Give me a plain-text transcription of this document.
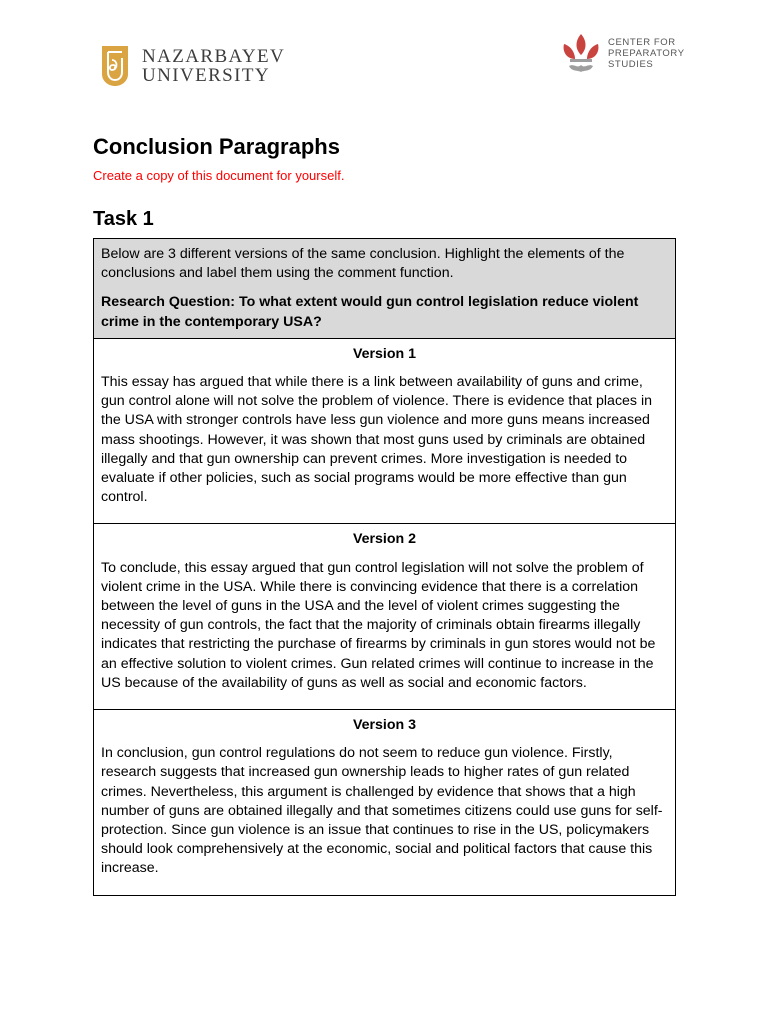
NAZARBAYEV
UNIVERSITY
CENTER FOR
PREPARATORY
STUDIES
Conclusion Paragraphs
Create a copy of this document for yourself.
Task 1

Below are 3 different versions of the same conclusion. Highlight the elements of the conclusions and label them using the comment function.

Research Question: To what extent would gun control legislation reduce violent crime in the contemporary USA?

Version 1

This essay has argued that while there is a link between availability of guns and crime, gun control alone will not solve the problem of violence. There is evidence that places in the USA with stronger controls have less gun violence and more guns means increased mass shootings. However, it was shown that most guns used by criminals are obtained illegally and that gun ownership can prevent crimes. More investigation is needed to evaluate if other policies, such as social programs would be more effective than gun control.

Version 2

To conclude, this essay argued that gun control legislation will not solve the problem of violent crime in the USA. While there is convincing evidence that there is a correlation between the level of guns in the USA and the level of violent crimes suggesting the necessity of gun controls, the fact that the majority of criminals obtain firearms illegally indicates that restricting the purchase of firearms by criminals in gun stores would not be an effective solution to violent crimes. Gun related crimes will continue to increase in the US because of the availability of guns as well as social and economic factors.

Version 3

In conclusion, gun control regulations do not seem to reduce gun violence. Firstly, research suggests that increased gun ownership leads to higher rates of gun related crimes. Nevertheless, this argument is challenged by evidence that shows that a high number of guns are obtained illegally and that sometimes citizens could use guns for self-protection. Since gun violence is an issue that continues to rise in the US, policymakers should look comprehensively at the economic, social and political factors that cause this increase.
